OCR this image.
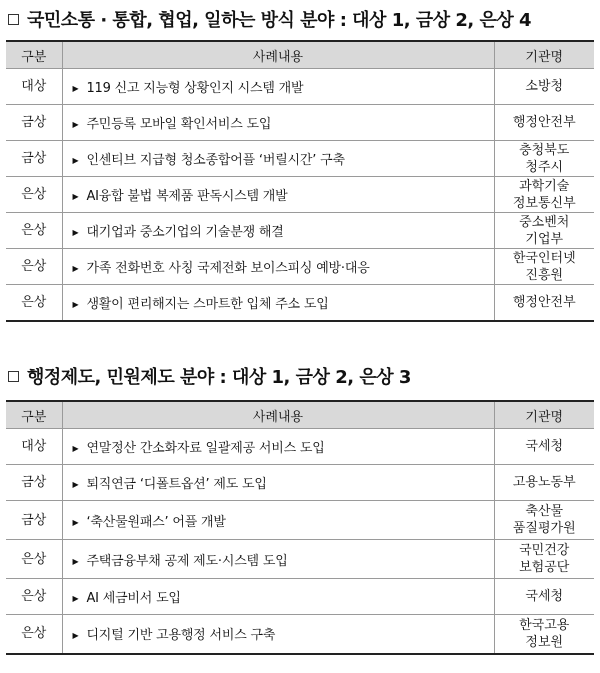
국민소통 · 통합, 협업, 일하는 방식 분야 : 대상 1, 금상 2, 은상 4
구분	사례내용	기관명
대상	▶ 119 신고 지능형 상황인지 시스템 개발	소방청

금상	▶ 주민등록 모바일 확인서비스 도입	행정안전부

금상	▶ 인센티브 지급형 청소종합어플 ‘버릴시간’ 구축	충청북도
청주시

은상	▶ AI융합 불법 복제품 판독시스템 개발	과학기술
정보통신부

은상	▶ 대기업과 중소기업의 기술분쟁 해결	중소벤처
기업부

은상	▶ 가족 전화번호 사칭 국제전화 보이스피싱 예방·대응	한국인터넷
진흥원

은상	▶ 생활이 편리해지는 스마트한 입체 주소 도입	행정안전부
행정제도, 민원제도 분야 : 대상 1, 금상 2, 은상 3
구분	사례내용	기관명
대상	▶ 연말정산 간소화자료 일괄제공 서비스 도입	국세청

금상	▶ 퇴직연금 ‘디폴트옵션’ 제도 도입	고용노동부

금상	▶ ‘축산물원패스’ 어플 개발	축산물
품질평가원

은상	▶ 주택금융부채 공제 제도·시스템 도입	국민건강
보험공단

은상	▶ AI 세금비서 도입	국세청

은상	▶ 디지털 기반 고용행정 서비스 구축	한국고용
정보원
